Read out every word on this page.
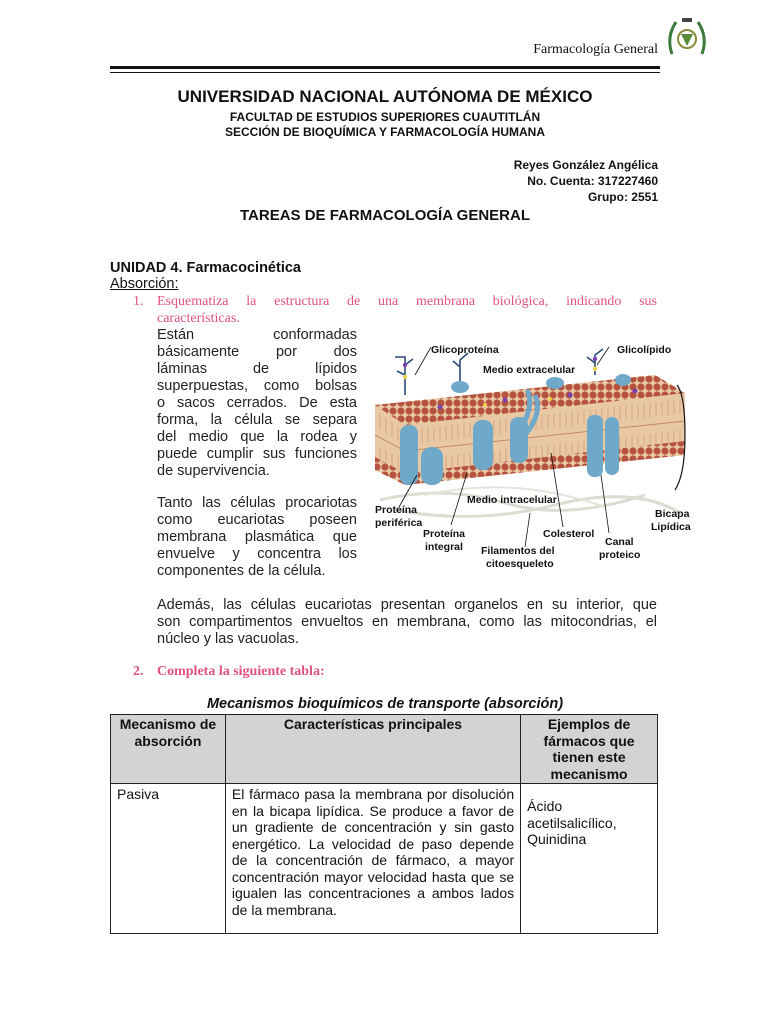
Farmacología General
UNIVERSIDAD NACIONAL AUTÓNOMA DE MÉXICO
FACULTAD DE ESTUDIOS SUPERIORES CUAUTITLÁN
SECCIÓN DE BIOQUÍMICA Y FARMACOLOGÍA HUMANA
Reyes González Angélica
No. Cuenta: 317227460
Grupo: 2551
TAREAS DE FARMACOLOGÍA GENERAL
UNIDAD 4. Farmacocinética
Absorción:
1. Esquematiza la estructura de una membrana biológica, indicando sus
características.
Están conformadas
básicamente por dos
láminas de lípidos
superpuestas, como bolsas
o sacos cerrados. De esta
forma, la célula se separa
del medio que la rodea y
puede cumplir sus funciones
de supervivencia.
Tanto las células procariotas
como eucariotas poseen
membrana plasmática que
envuelve y concentra los
componentes de la célula.
Glicoproteína	Glicolípido
Medio extracelular
Medio intracelular
Proteína
periférica
Proteína
integral
Colesterol
Filamentos del
citoesqueleto
Canal
proteico
Bicapa
Lipídica
Además, las células eucariotas presentan organelos en su interior, que
son compartimentos envueltos en membrana, como las mitocondrias, el
núcleo y las vacuolas.
2. Completa la siguiente tabla:
Mecanismos bioquímicos de transporte (absorción)
Mecanismo de absorción	Características principales	Ejemplos de fármacos que tienen este mecanismo
Pasiva	El fármaco pasa la membrana por disolución en la bicapa lipídica. Se produce a favor de un gradiente de concentración y sin gasto energético. La velocidad de paso depende de la concentración de fármaco, a mayor concentración mayor velocidad hasta que se igualen las concentraciones a ambos lados de la membrana.	Ácido acetilsalicílico,
Quinidina
